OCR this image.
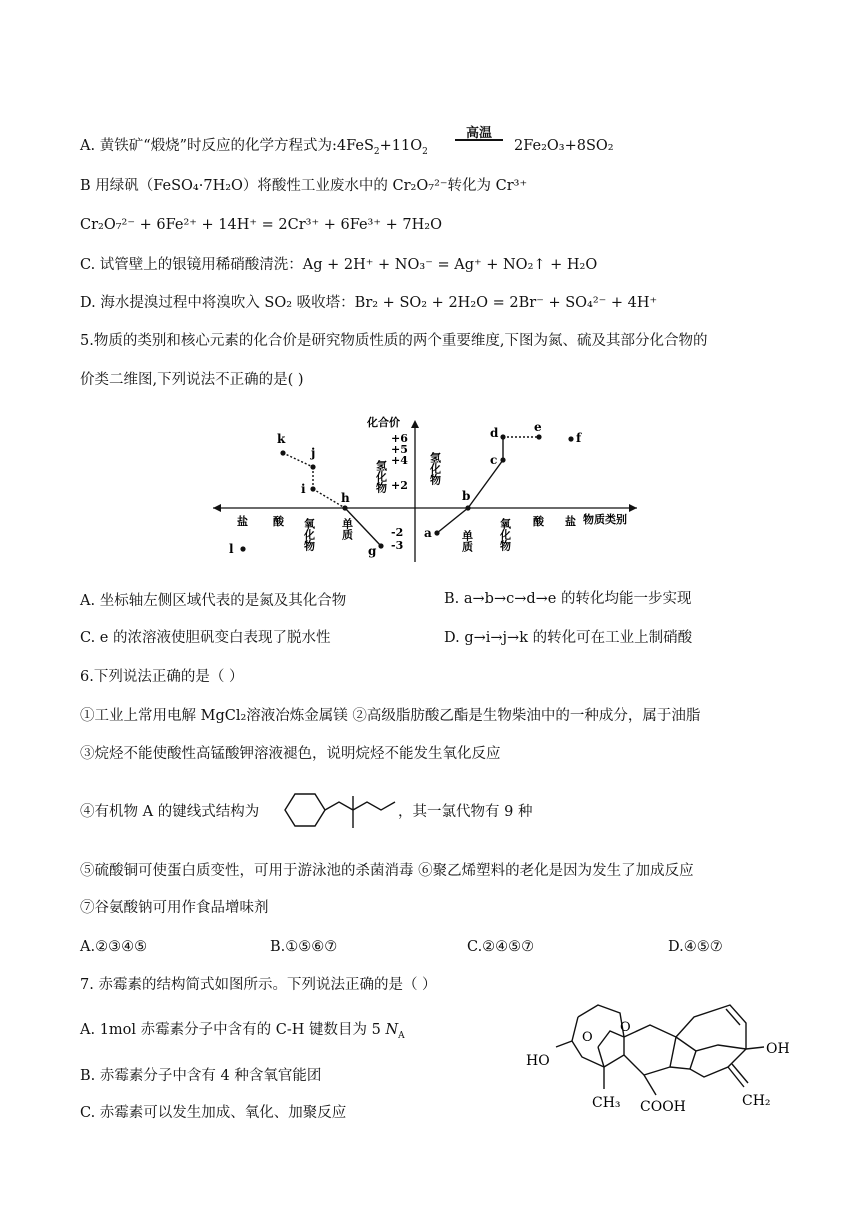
A. 黄铁矿“煅烧”时反应的化学方程式为$:4FeS_2+11O_2$
高温
2Fe₂O₃+8SO₂
B 用绿矾（FeSO₄·7H₂O）将酸性工业废水中的 Cr₂O₇²⁻转化为 Cr³⁺
Cr₂O₇²⁻ + 6Fe²⁺ + 14H⁺ = 2Cr³⁺ + 6Fe³⁺ + 7H₂O
C. 试管壁上的银镜用稀硝酸清洗：Ag + 2H⁺ + NO₃⁻ = Ag⁺ + NO₂↑ + H₂O
D. 海水提溴过程中将溴吹入 SO₂ 吸收塔：Br₂ + SO₂ + 2H₂O = 2Br⁻ + SO₄²⁻ + 4H⁺
5.物质的类别和核心元素的化合价是研究物质性质的两个重要维度,下图为氮、硫及其部分化合物的
价类二维图,下列说法不正确的是( )
化合价
物质类别
+6
+5
+4
+2
-2
-3
氢化物	氢化物
盐 酸 氧化物 单质
单质 氧化物 酸 盐
k
j
i
h
g
l
a
b
c
d	e
f
A. 坐标轴左侧区域代表的是氮及其化合物	B. a→b→c→d→e 的转化均能一步实现
C. e 的浓溶液使胆矾变白表现了脱水性	D. g→i→j→k 的转化可在工业上制硝酸
6.下列说法正确的是（ ）
①工业上常用电解 MgCl₂溶液冶炼金属镁 ②高级脂肪酸乙酯是生物柴油中的一种成分，属于油脂
③烷烃不能使酸性高锰酸钾溶液褪色，说明烷烃不能发生氧化反应
④有机物 A 的键线式结构为	，其一氯代物有 9 种
⑤硫酸铜可使蛋白质变性，可用于游泳池的杀菌消毒 ⑥聚乙烯塑料的老化是因为发生了加成反应
⑦谷氨酸钠可用作食品增味剂
A.②③④⑤	B.①⑤⑥⑦	C.②④⑤⑦	D.④⑤⑦
7. 赤霉素的结构简式如图所示。下列说法正确的是（ ）
A. 1mol 赤霉素分子中含有的 C-H 键数目为 5 $N_A$
B. 赤霉素分子中含有 4 种含氧官能团
C. 赤霉素可以发生加成、氧化、加聚反应
HO
O
O
OH
CH₃ COOH	CH₂
